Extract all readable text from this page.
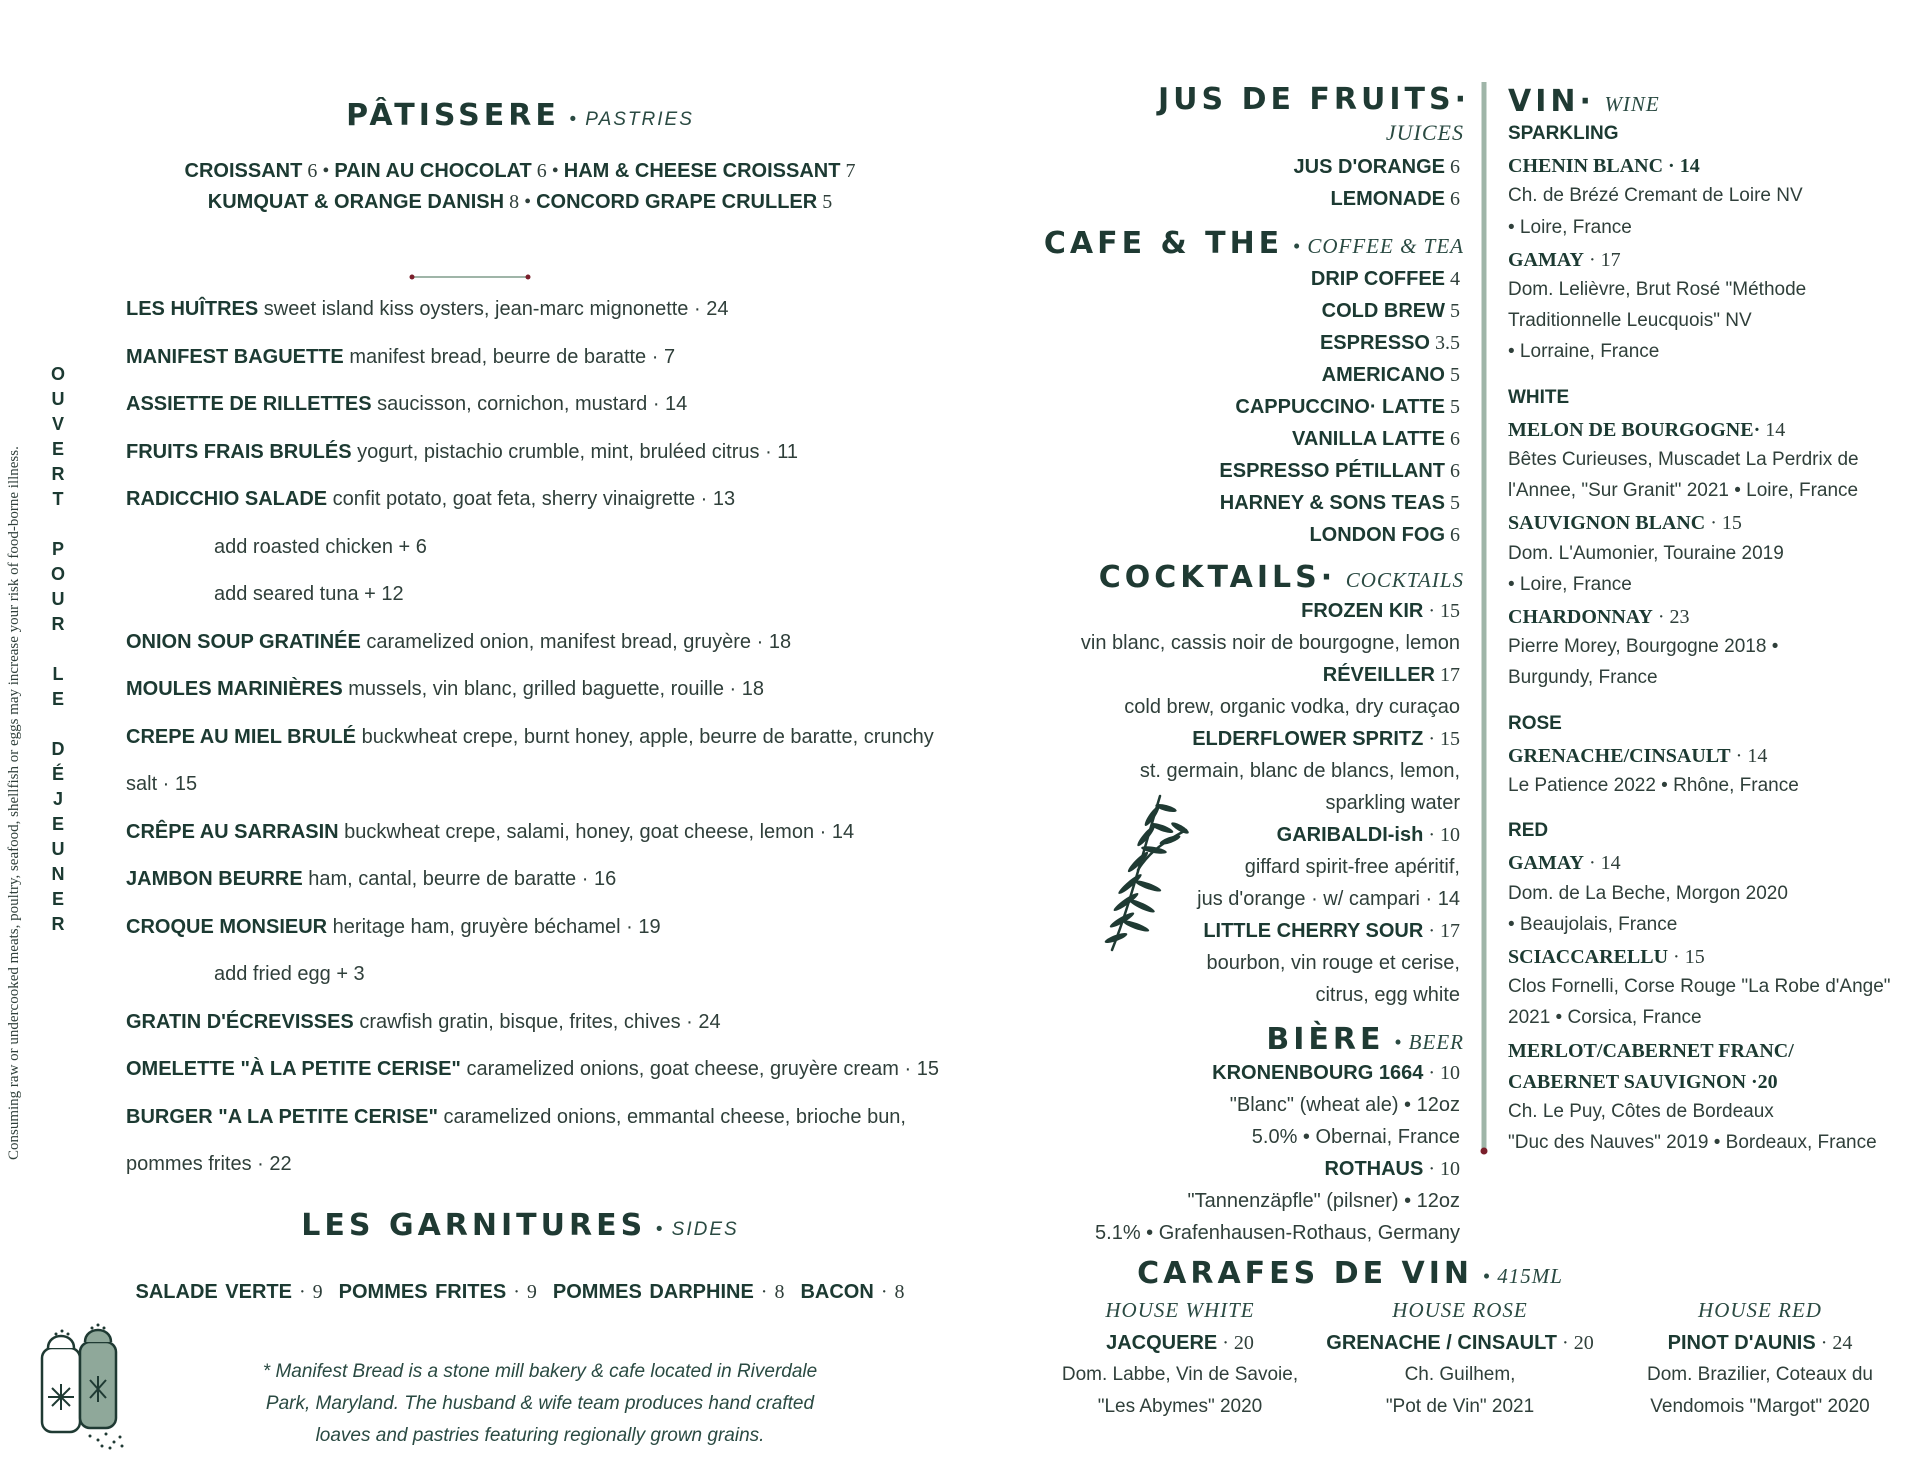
Consuming raw or undercooked meats, poultry, seafood, shellfish or eggs may increase your risk of food-borne illness.
O
U
V
E
R
T
P
O
U
R
L
E
D
É
J
E
U
N
E
R
PÂTISSERE • PASTRIES
CROISSANT 6 • PAIN AU CHOCOLAT 6 • HAM & CHEESE CROISSANT 7
KUMQUAT & ORANGE DANISH 8 • CONCORD GRAPE CRULLER 5
LES HUÎTRES sweet island kiss oysters, jean-marc mignonette · 24
MANIFEST BAGUETTE manifest bread, beurre de baratte · 7
ASSIETTE DE RILLETTES saucisson, cornichon, mustard · 14
FRUITS FRAIS BRULÉS yogurt, pistachio crumble, mint, bruléed citrus · 11
RADICCHIO SALADE confit potato, goat feta, sherry vinaigrette · 13
add roasted chicken + 6
add seared tuna + 12
ONION SOUP GRATINÉE caramelized onion, manifest bread, gruyère · 18
MOULES MARINIÈRES mussels, vin blanc, grilled baguette, rouille · 18
CREPE AU MIEL BRULÉ buckwheat crepe, burnt honey, apple, beurre de baratte, crunchy
salt · 15
CRÊPE AU SARRASIN buckwheat crepe, salami, honey, goat cheese, lemon · 14
JAMBON BEURRE ham, cantal, beurre de baratte · 16
CROQUE MONSIEUR heritage ham, gruyère béchamel · 19
add fried egg + 3
GRATIN D'ÉCREVISSES crawfish gratin, bisque, frites, chives · 24
OMELETTE "À LA PETITE CERISE" caramelized onions, goat cheese, gruyère cream · 15
BURGER "A LA PETITE CERISE" caramelized onions, emmantal cheese, brioche bun,
pommes frites · 22
LES GARNITURES • SIDES
SALADE VERTE · 9 POMMES FRITES · 9 POMMES DARPHINE · 8 BACON · 8
* Manifest Bread is a stone mill bakery & cafe located in Riverdale
Park, Maryland. The husband & wife team produces hand crafted
loaves and pastries featuring regionally grown grains.
JUS DE FRUITS·
JUICES
JUS D'ORANGE 6
LEMONADE 6
CAFE & THE • COFFEE & TEA
DRIP COFFEE 4
COLD BREW 5
ESPRESSO 3.5
AMERICANO 5
CAPPUCCINO· LATTE 5
VANILLA LATTE 6
ESPRESSO PÉTILLANT 6
HARNEY & SONS TEAS 5
LONDON FOG 6
COCKTAILS· COCKTAILS
FROZEN KIR · 15
vin blanc, cassis noir de bourgogne, lemon
RÉVEILLER 17
cold brew, organic vodka, dry curaçao
ELDERFLOWER SPRITZ · 15
st. germain, blanc de blancs, lemon,
sparkling water
GARIBALDI-ish · 10
giffard spirit-free apéritif,
jus d'orange · w/ campari · 14
LITTLE CHERRY SOUR · 17
bourbon, vin rouge et cerise,
citrus, egg white
BIÈRE • BEER
KRONENBOURG 1664 · 10
"Blanc" (wheat ale) • 12oz
5.0% • Obernai, France
ROTHAUS · 10
"Tannenzäpfle" (pilsner) • 12oz
5.1% • Grafenhausen-Rothaus, Germany
VIN· WINE
SPARKLING
CHENIN BLANC · 14
Ch. de Brézé Cremant de Loire NV
• Loire, France
GAMAY · 17
Dom. Lelièvre, Brut Rosé "Méthode
Traditionnelle Leucquois" NV
• Lorraine, France
WHITE
MELON DE BOURGOGNE· 14
Bêtes Curieuses, Muscadet La Perdrix de
l'Annee, "Sur Granit" 2021 • Loire, France
SAUVIGNON BLANC · 15
Dom. L'Aumonier, Touraine 2019
• Loire, France
CHARDONNAY · 23
Pierre Morey, Bourgogne 2018 •
Burgundy, France
ROSE
GRENACHE/CINSAULT · 14
Le Patience 2022 • Rhône, France
RED
GAMAY · 14
Dom. de La Beche, Morgon 2020
• Beaujolais, France
SCIACCARELLU · 15
Clos Fornelli, Corse Rouge "La Robe d'Ange"
2021 • Corsica, France
MERLOT/CABERNET FRANC/
CABERNET SAUVIGNON ·20
Ch. Le Puy, Côtes de Bordeaux
"Duc des Nauves" 2019 • Bordeaux, France
CARAFES DE VIN • 415ML
HOUSE WHITE
JACQUERE · 20
Dom. Labbe, Vin de Savoie,
"Les Abymes" 2020
HOUSE ROSE
GRENACHE / CINSAULT · 20
Ch. Guilhem,
"Pot de Vin" 2021
HOUSE RED
PINOT D'AUNIS · 24
Dom. Brazilier, Coteaux du
Vendomois "Margot" 2020
